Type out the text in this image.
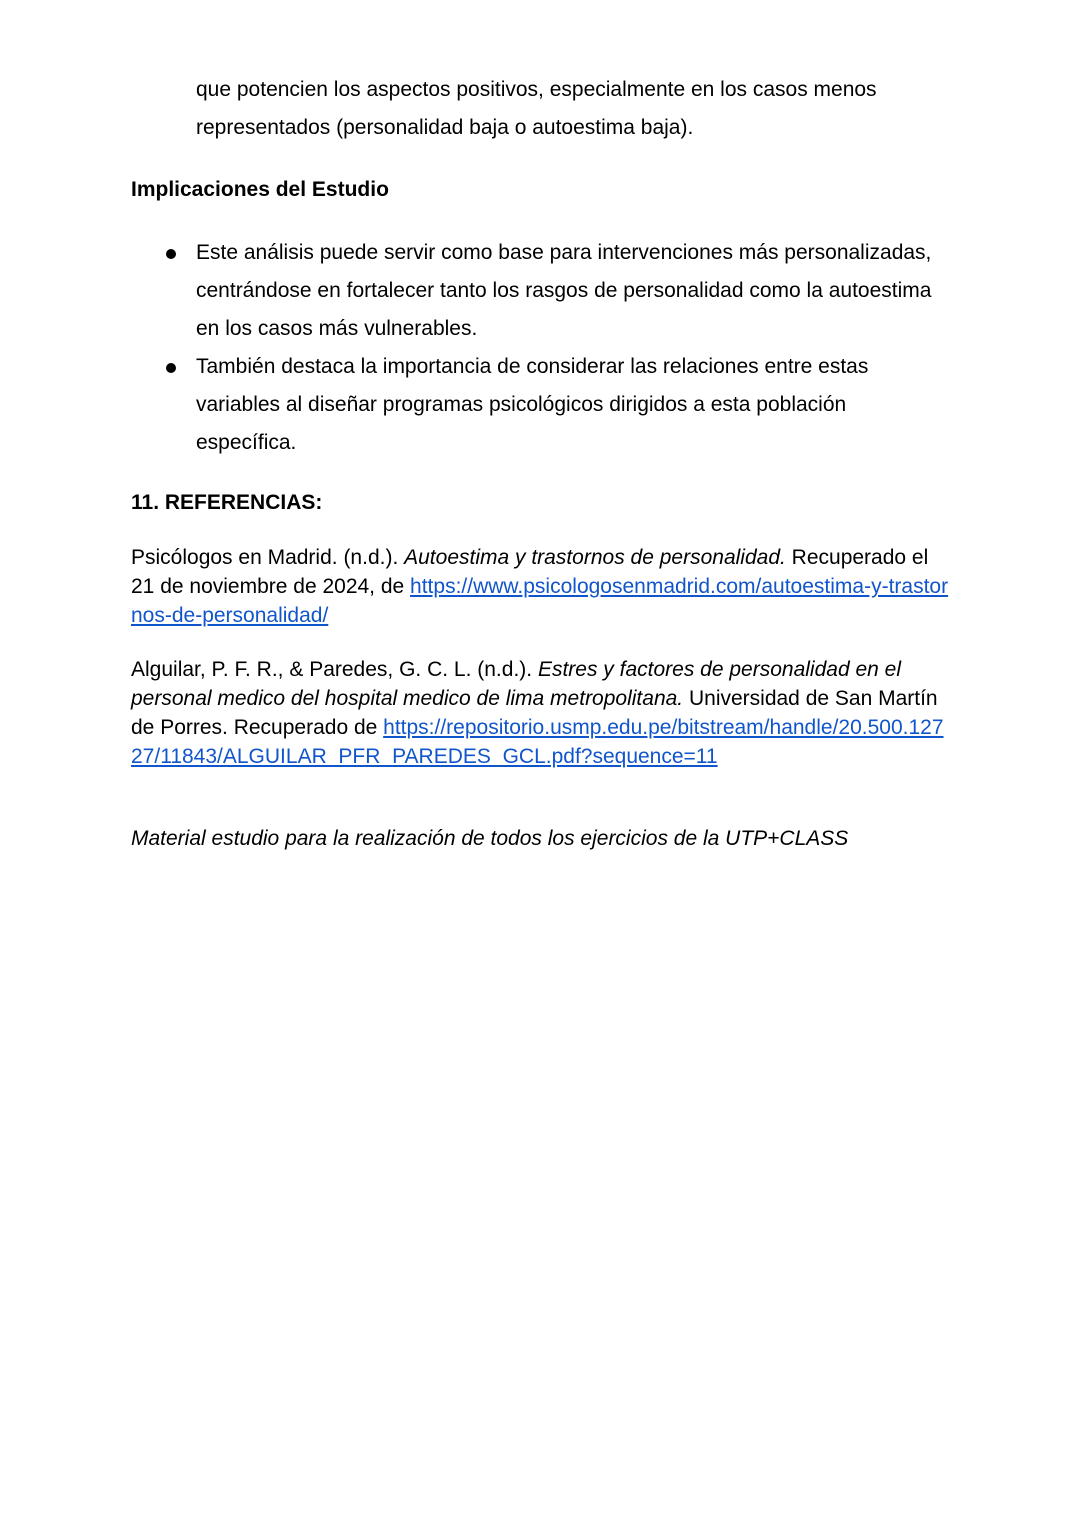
que potencien los aspectos positivos, especialmente en los casos menos representados (personalidad baja o autoestima baja).

Implicaciones del Estudio
Este análisis puede servir como base para intervenciones más personalizadas, centrándose en fortalecer tanto los rasgos de personalidad como la autoestima en los casos más vulnerables.
También destaca la importancia de considerar las relaciones entre estas variables al diseñar programas psicológicos dirigidos a esta población específica.
11. REFERENCIAS:

Psicólogos en Madrid. (n.d.). Autoestima y trastornos de personalidad. Recuperado el 21 de noviembre de 2024, de https://www.psicologosenmadrid.com/autoestima-y-trastornos-de-personalidad/

Alguilar, P. F. R., & Paredes, G. C. L. (n.d.). Estres y factores de personalidad en el personal medico del hospital medico de lima metropolitana. Universidad de San Martín de Porres. Recuperado de https://repositorio.usmp.edu.pe/bitstream/handle/20.500.12727/11843/ALGUILAR_PFR_PAREDES_GCL.pdf?sequence=11

Material estudio para la realización de todos los ejercicios de la UTP+CLASS
